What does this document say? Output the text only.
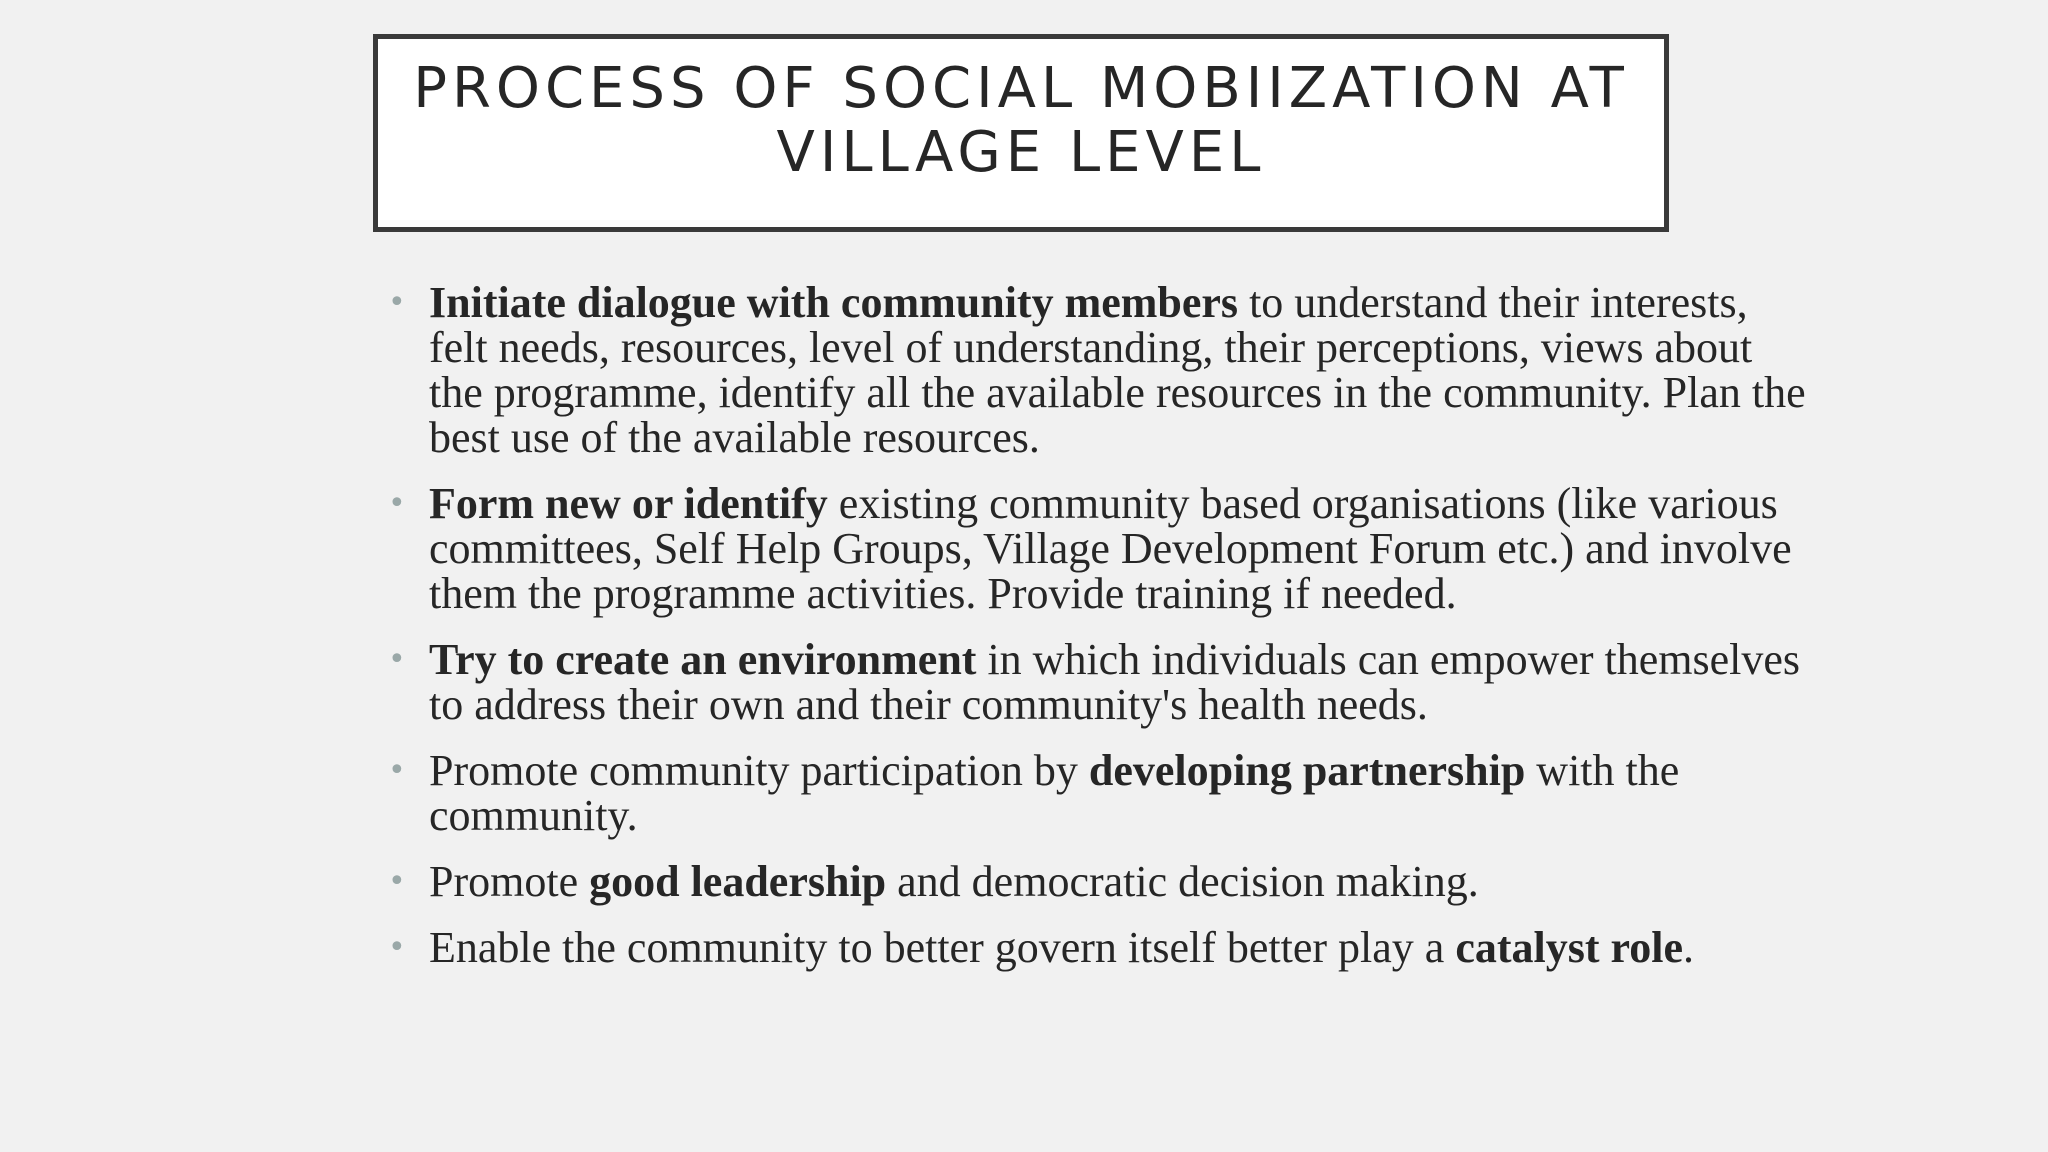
PROCESS OF SOCIAL MOBIIZATION AT
VILLAGE LEVEL
• Initiate dialogue with community members to understand their interests, felt needs, resources, level of understanding, their perceptions, views about the programme, identify all the available resources in the community. Plan the best use of the available resources.
• Form new or identify existing community based organisations (like various committees, Self Help Groups, Village Development Forum etc.) and involve them the programme activities. Provide training if needed.
• Try to create an environment in which individuals can empower themselves to address their own and their community's health needs.
• Promote community participation by developing partnership with the community.
• Promote good leadership and democratic decision making.
• Enable the community to better govern itself better play a catalyst role.
